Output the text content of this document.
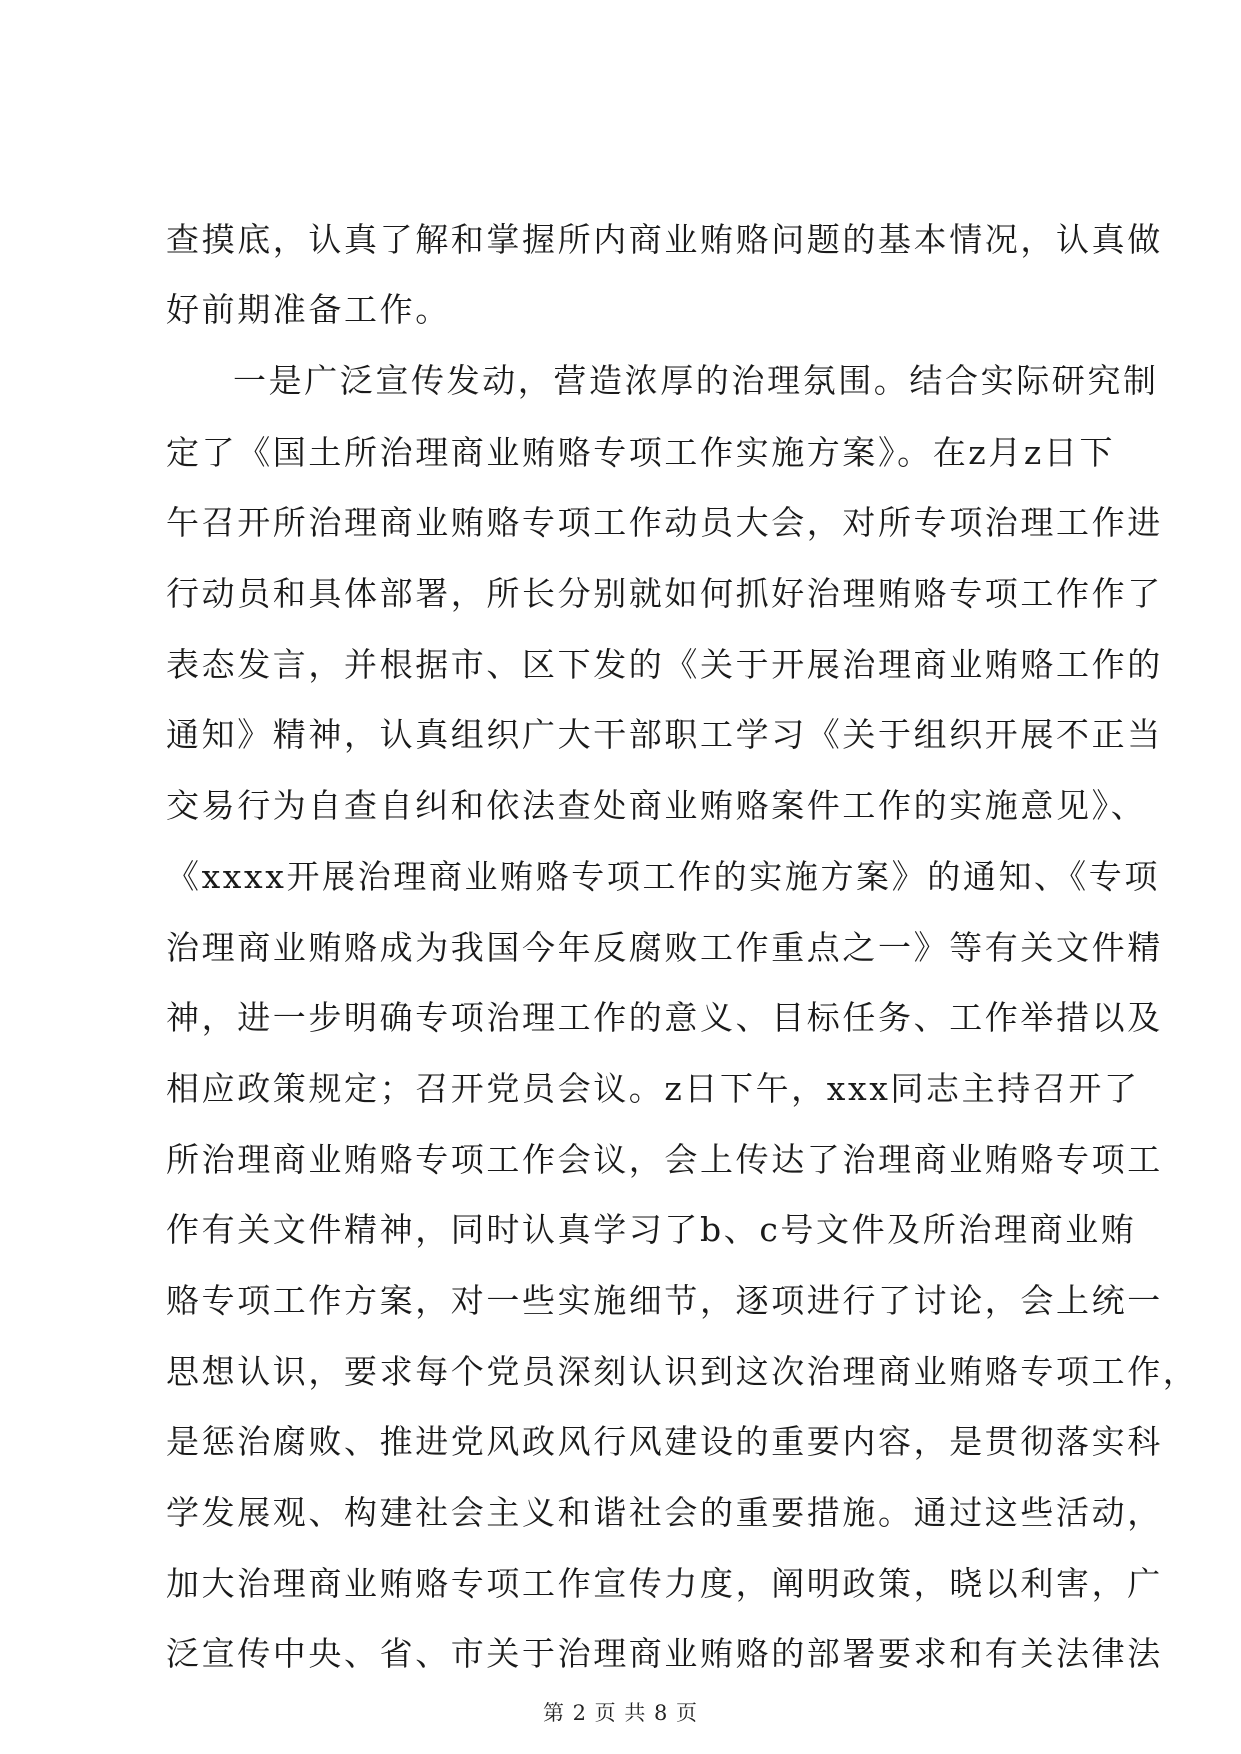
查摸底，认真了解和掌握所内商业贿赂问题的基本情况，认真做
好前期准备工作。
一是广泛宣传发动，营造浓厚的治理氛围。结合实际研究制
定了《国土所治理商业贿赂专项工作实施方案》。在z月z日下
午召开所治理商业贿赂专项工作动员大会，对所专项治理工作进
行动员和具体部署，所长分别就如何抓好治理贿赂专项工作作了
表态发言，并根据市、区下发的《关于开展治理商业贿赂工作的
通知》精神，认真组织广大干部职工学习《关于组织开展不正当
交易行为自查自纠和依法查处商业贿赂案件工作的实施意见》、
《xxxx开展治理商业贿赂专项工作的实施方案》的通知、《专项
治理商业贿赂成为我国今年反腐败工作重点之一》等有关文件精
神，进一步明确专项治理工作的意义、目标任务、工作举措以及
相应政策规定；召开党员会议。z日下午，xxx同志主持召开了
所治理商业贿赂专项工作会议，会上传达了治理商业贿赂专项工
作有关文件精神，同时认真学习了b、c号文件及所治理商业贿
赂专项工作方案，对一些实施细节，逐项进行了讨论，会上统一
思想认识，要求每个党员深刻认识到这次治理商业贿赂专项工作，
是惩治腐败、推进党风政风行风建设的重要内容，是贯彻落实科
学发展观、构建社会主义和谐社会的重要措施。通过这些活动，
加大治理商业贿赂专项工作宣传力度，阐明政策，晓以利害，广
泛宣传中央、省、市关于治理商业贿赂的部署要求和有关法律法
第 2 页 共 8 页
